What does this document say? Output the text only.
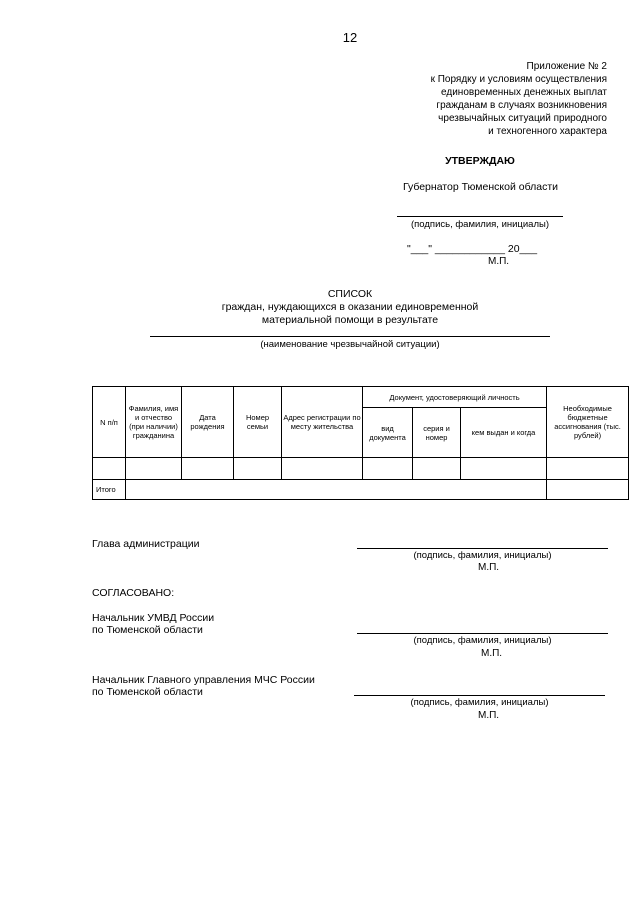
12
Приложение № 2
к Порядку и условиям осуществления
единовременных денежных выплат
гражданам в случаях возникновения
чрезвычайных ситуаций природного
и техногенного характера
УТВЕРЖДАЮ
Губернатор Тюменской области
(подпись, фамилия, инициалы)
"___" ____________ 20___
М.П.
СПИСОК
граждан, нуждающихся в оказании единовременной
материальной помощи в результате
(наименование чрезвычайной ситуации)
N п/п	Фамилия, имя и отчество (при наличии) гражданина	Дата рождения	Номер семьи	Адрес регистрации по месту жительства	Документ, удостоверяющий личность			Необходимые бюджетные ассигнования (тыс. рублей)
					вид документа	серия и номер	кем выдан и когда	

Итого								
Глава администрации
(подпись, фамилия, инициалы)
М.П.
СОГЛАСОВАНО:
Начальник УМВД России
по Тюменской области
(подпись, фамилия, инициалы)
М.П.
Начальник Главного управления МЧС России
по Тюменской области
(подпись, фамилия, инициалы)
М.П.
